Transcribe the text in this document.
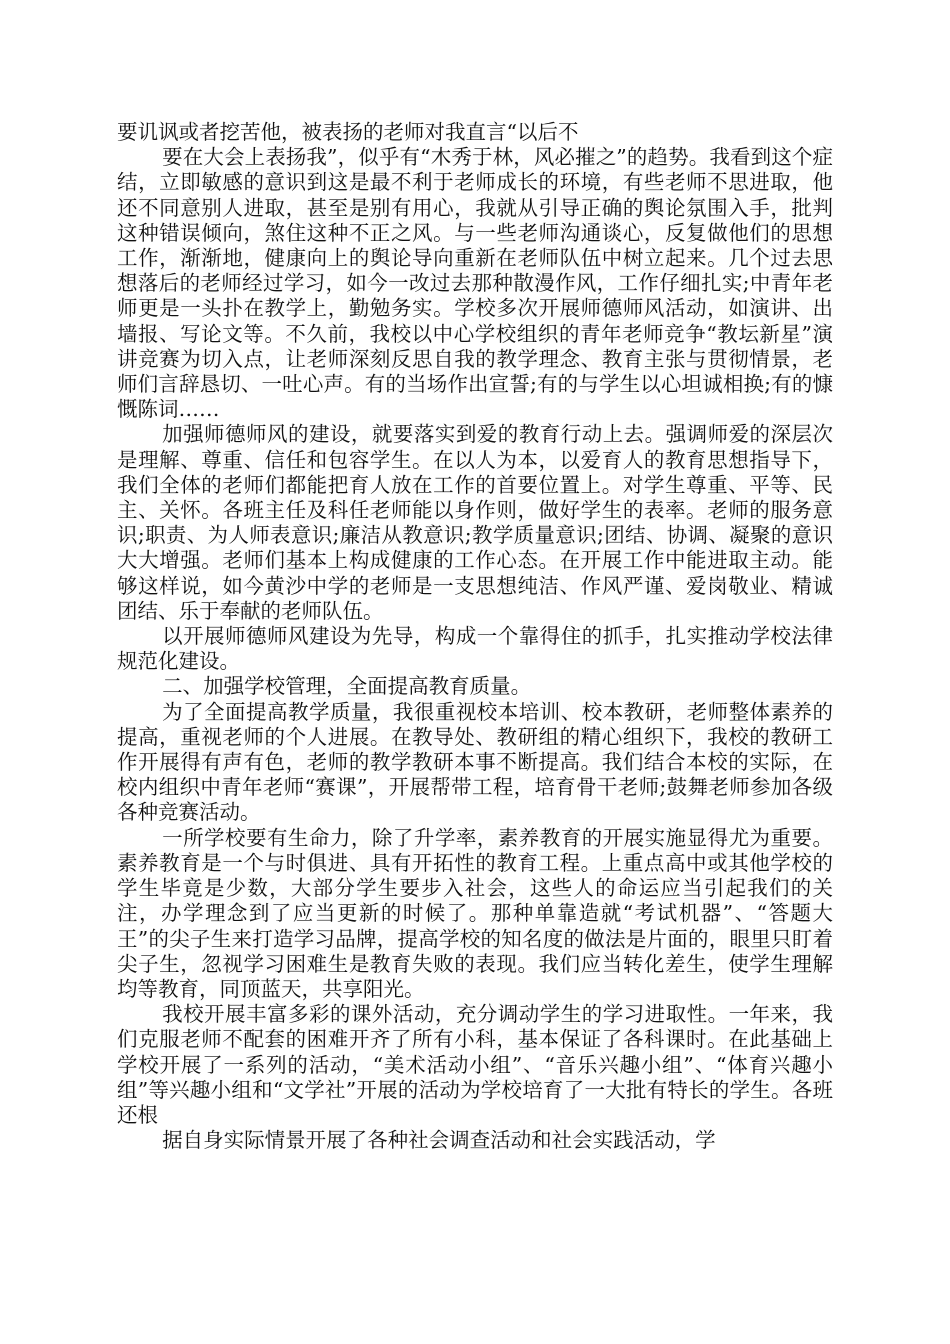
要讥讽或者挖苦他，被表扬的老师对我直言“以后不

要在大会上表扬我”，似乎有“木秀于林，风必摧之”的趋势。我看到这个症结，立即敏感的意识到这是最不利于老师成长的环境，有些老师不思进取，他还不同意别人进取，甚至是别有用心，我就从引导正确的舆论氛围入手，批判这种错误倾向，煞住这种不正之风。与一些老师沟通谈心，反复做他们的思想工作，渐渐地，健康向上的舆论导向重新在老师队伍中树立起来。几个过去思想落后的老师经过学习，如今一改过去那种散漫作风，工作仔细扎实;中青年老师更是一头扑在教学上，勤勉务实。学校多次开展师德师风活动，如演讲、出墙报、写论文等。不久前，我校以中心学校组织的青年老师竞争“教坛新星”演讲竞赛为切入点，让老师深刻反思自我的教学理念、教育主张与贯彻情景，老师们言辞恳切、一吐心声。有的当场作出宣誓;有的与学生以心坦诚相换;有的慷慨陈词……

加强师德师风的建设，就要落实到爱的教育行动上去。强调师爱的深层次是理解、尊重、信任和包容学生。在以人为本，以爱育人的教育思想指导下，我们全体的老师们都能把育人放在工作的首要位置上。对学生尊重、平等、民主、关怀。各班主任及科任老师能以身作则，做好学生的表率。老师的服务意识;职责、为人师表意识;廉洁从教意识;教学质量意识;团结、协调、凝聚的意识大大增强。老师们基本上构成健康的工作心态。在开展工作中能进取主动。能够这样说，如今黄沙中学的老师是一支思想纯洁、作风严谨、爱岗敬业、精诚团结、乐于奉献的老师队伍。

以开展师德师风建设为先导，构成一个靠得住的抓手，扎实推动学校法律规范化建设。

二、加强学校管理，全面提高教育质量。

为了全面提高教学质量，我很重视校本培训、校本教研，老师整体素养的提高，重视老师的个人进展。在教导处、教研组的精心组织下，我校的教研工作开展得有声有色，老师的教学教研本事不断提高。我们结合本校的实际，在校内组织中青年老师“赛课”，开展帮带工程，培育骨干老师;鼓舞老师参加各级各种竞赛活动。

一所学校要有生命力，除了升学率，素养教育的开展实施显得尤为重要。素养教育是一个与时俱进、具有开拓性的教育工程。上重点高中或其他学校的学生毕竟是少数，大部分学生要步入社会，这些人的命运应当引起我们的关注，办学理念到了应当更新的时候了。那种单靠造就“考试机器”、“答题大王”的尖子生来打造学习品牌，提高学校的知名度的做法是片面的，眼里只盯着尖子生，忽视学习困难生是教育失败的表现。我们应当转化差生，使学生理解均等教育，同顶蓝天，共享阳光。

我校开展丰富多彩的课外活动，充分调动学生的学习进取性。一年来，我们克服老师不配套的困难开齐了所有小科，基本保证了各科课时。在此基础上学校开展了一系列的活动，“美术活动小组”、“音乐兴趣小组”、“体育兴趣小组”等兴趣小组和“文学社”开展的活动为学校培育了一大批有特长的学生。各班还根

据自身实际情景开展了各种社会调查活动和社会实践活动，学
